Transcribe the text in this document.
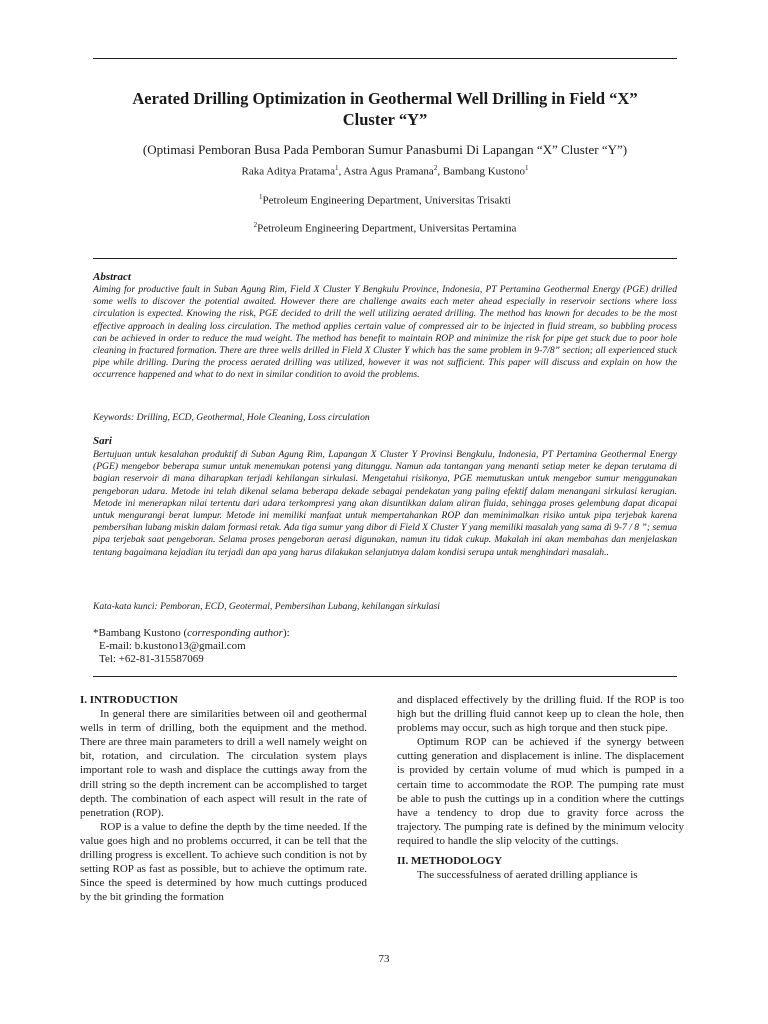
Aerated Drilling Optimization in Geothermal Well Drilling in Field “X”
Cluster “Y”
(Optimasi Pemboran Busa Pada Pemboran Sumur Panasbumi Di Lapangan “X” Cluster “Y”)
Raka Aditya Pratama$^1$, Astra Agus Pramana$^2$, Bambang Kustono$^1$
$^1$Petroleum Engineering Department, Universitas Trisakti
$^2$Petroleum Engineering Department, Universitas Pertamina
Abstract
Aiming for productive fault in Suban Agung Rim, Field X Cluster Y Bengkulu Province, Indonesia, PT Pertamina Geothermal Energy (PGE) drilled some wells to discover the potential awaited. However there are challenge awaits each meter ahead especially in reservoir sections where loss circulation is expected. Knowing the risk, PGE decided to drill the well utilizing aerated drilling. The method has known for decades to be the most effective approach in dealing loss circulation. The method applies certain value of compressed air to be injected in fluid stream, so bubbling process can be achieved in order to reduce the mud weight. The method has benefit to maintain ROP and minimize the risk for pipe get stuck due to poor hole cleaning in fractured formation. There are three wells drilled in Field X Cluster Y which has the same problem in 9-7/8” section; all experienced stuck pipe while drilling. During the process aerated drilling was utilized, however it was not sufficient. This paper will discuss and explain on how the occurrence happened and what to do next in similar condition to avoid the problems.
Keywords: Drilling, ECD, Geothermal, Hole Cleaning, Loss circulation
Sari
Bertujuan untuk kesalahan produktif di Suban Agung Rim, Lapangan X Cluster Y Provinsi Bengkulu, Indonesia, PT Pertamina Geothermal Energy (PGE) mengebor beberapa sumur untuk menemukan potensi yang ditunggu. Namun ada tantangan yang menanti setiap meter ke depan terutama di bagian reservoir di mana diharapkan terjadi kehilangan sirkulasi. Mengetahui risikonya, PGE memutuskan untuk mengebor sumur menggunakan pengeboran udara. Metode ini telah dikenal selama beberapa dekade sebagai pendekatan yang paling efektif dalam menangani sirkulasi kerugian. Metode ini menerapkan nilai tertentu dari udara terkompresi yang akan disuntikkan dalam aliran fluida, sehingga proses gelembung dapat dicapai untuk mengurangi berat lumpur. Metode ini memiliki manfaat untuk mempertahankan ROP dan meminimalkan risiko untuk pipa terjebak karena pembersihan lubang miskin dalam formasi retak. Ada tiga sumur yang dibor di Field X Cluster Y yang memiliki masalah yang sama di 9-7 / 8 ”; semua pipa terjebak saat pengeboran. Selama proses pengeboran aerasi digunakan, namun itu tidak cukup. Makalah ini akan membahas dan menjelaskan tentang bagaimana kejadian itu terjadi dan apa yang harus dilakukan selanjutnya dalam kondisi serupa untuk menghindari masalah..
Kata-kata kunci: Pemboran, ECD, Geotermal, Pembersihan Lubang, kehilangan sirkulasi
*Bambang Kustono (corresponding author):
E-mail: b.kustono13@gmail.com
Tel: +62-81-315587069
I. INTRODUCTION

In general there are similarities between oil and geothermal wells in term of drilling, both the equipment and the method. There are three main parameters to drill a well namely weight on bit, rotation, and circulation. The circulation system plays important role to wash and displace the cuttings away from the drill string so the depth increment can be accomplished to target depth. The combination of each aspect will result in the rate of penetration (ROP).

ROP is a value to define the depth by the time needed. If the value goes high and no problems occurred, it can be tell that the drilling progress is excellent. To achieve such condition is not by setting ROP as fast as possible, but to achieve the optimum rate. Since the speed is determined by how much cuttings produced by the bit grinding the formation

and displaced effectively by the drilling fluid. If the ROP is too high but the drilling fluid cannot keep up to clean the hole, then problems may occur, such as high torque and then stuck pipe.

Optimum ROP can be achieved if the synergy between cutting generation and displacement is inline. The displacement is provided by certain volume of mud which is pumped in a certain time to accommodate the ROP. The pumping rate must be able to push the cuttings up in a condition where the cuttings have a tendency to drop due to gravity force across the trajectory. The pumping rate is defined by the minimum velocity required to handle the slip velocity of the cuttings.

II. METHODOLOGY

The successfulness of aerated drilling appliance is

73
